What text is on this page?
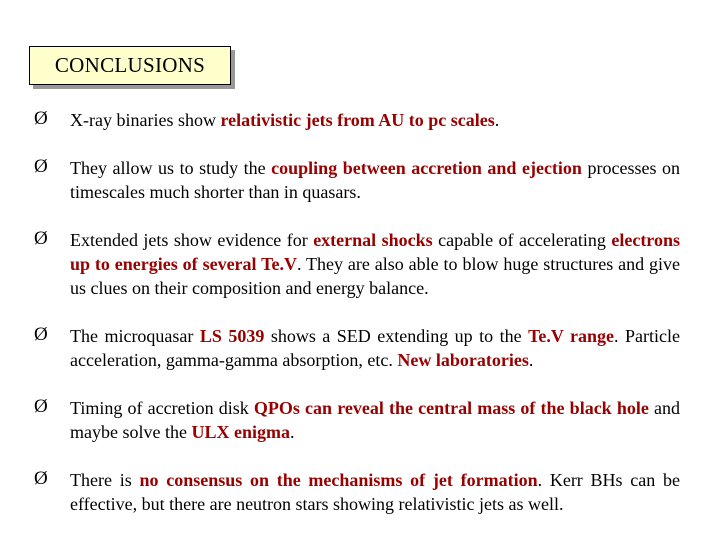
CONCLUSIONS
Ø X-ray binaries show relativistic jets from AU to pc scales.
Ø They allow us to study the coupling between accretion and ejection processes on timescales much shorter than in quasars.
Ø Extended jets show evidence for external shocks capable of accelerating electrons up to energies of several Te.V. They are also able to blow huge structures and give us clues on their composition and energy balance.
Ø The microquasar LS 5039 shows a SED extending up to the Te.V range. Particle acceleration, gamma-gamma absorption, etc. New laboratories.
Ø Timing of accretion disk QPOs can reveal the central mass of the black hole and maybe solve the ULX enigma.
Ø There is no consensus on the mechanisms of jet formation. Kerr BHs can be effective, but there are neutron stars showing relativistic jets as well.
